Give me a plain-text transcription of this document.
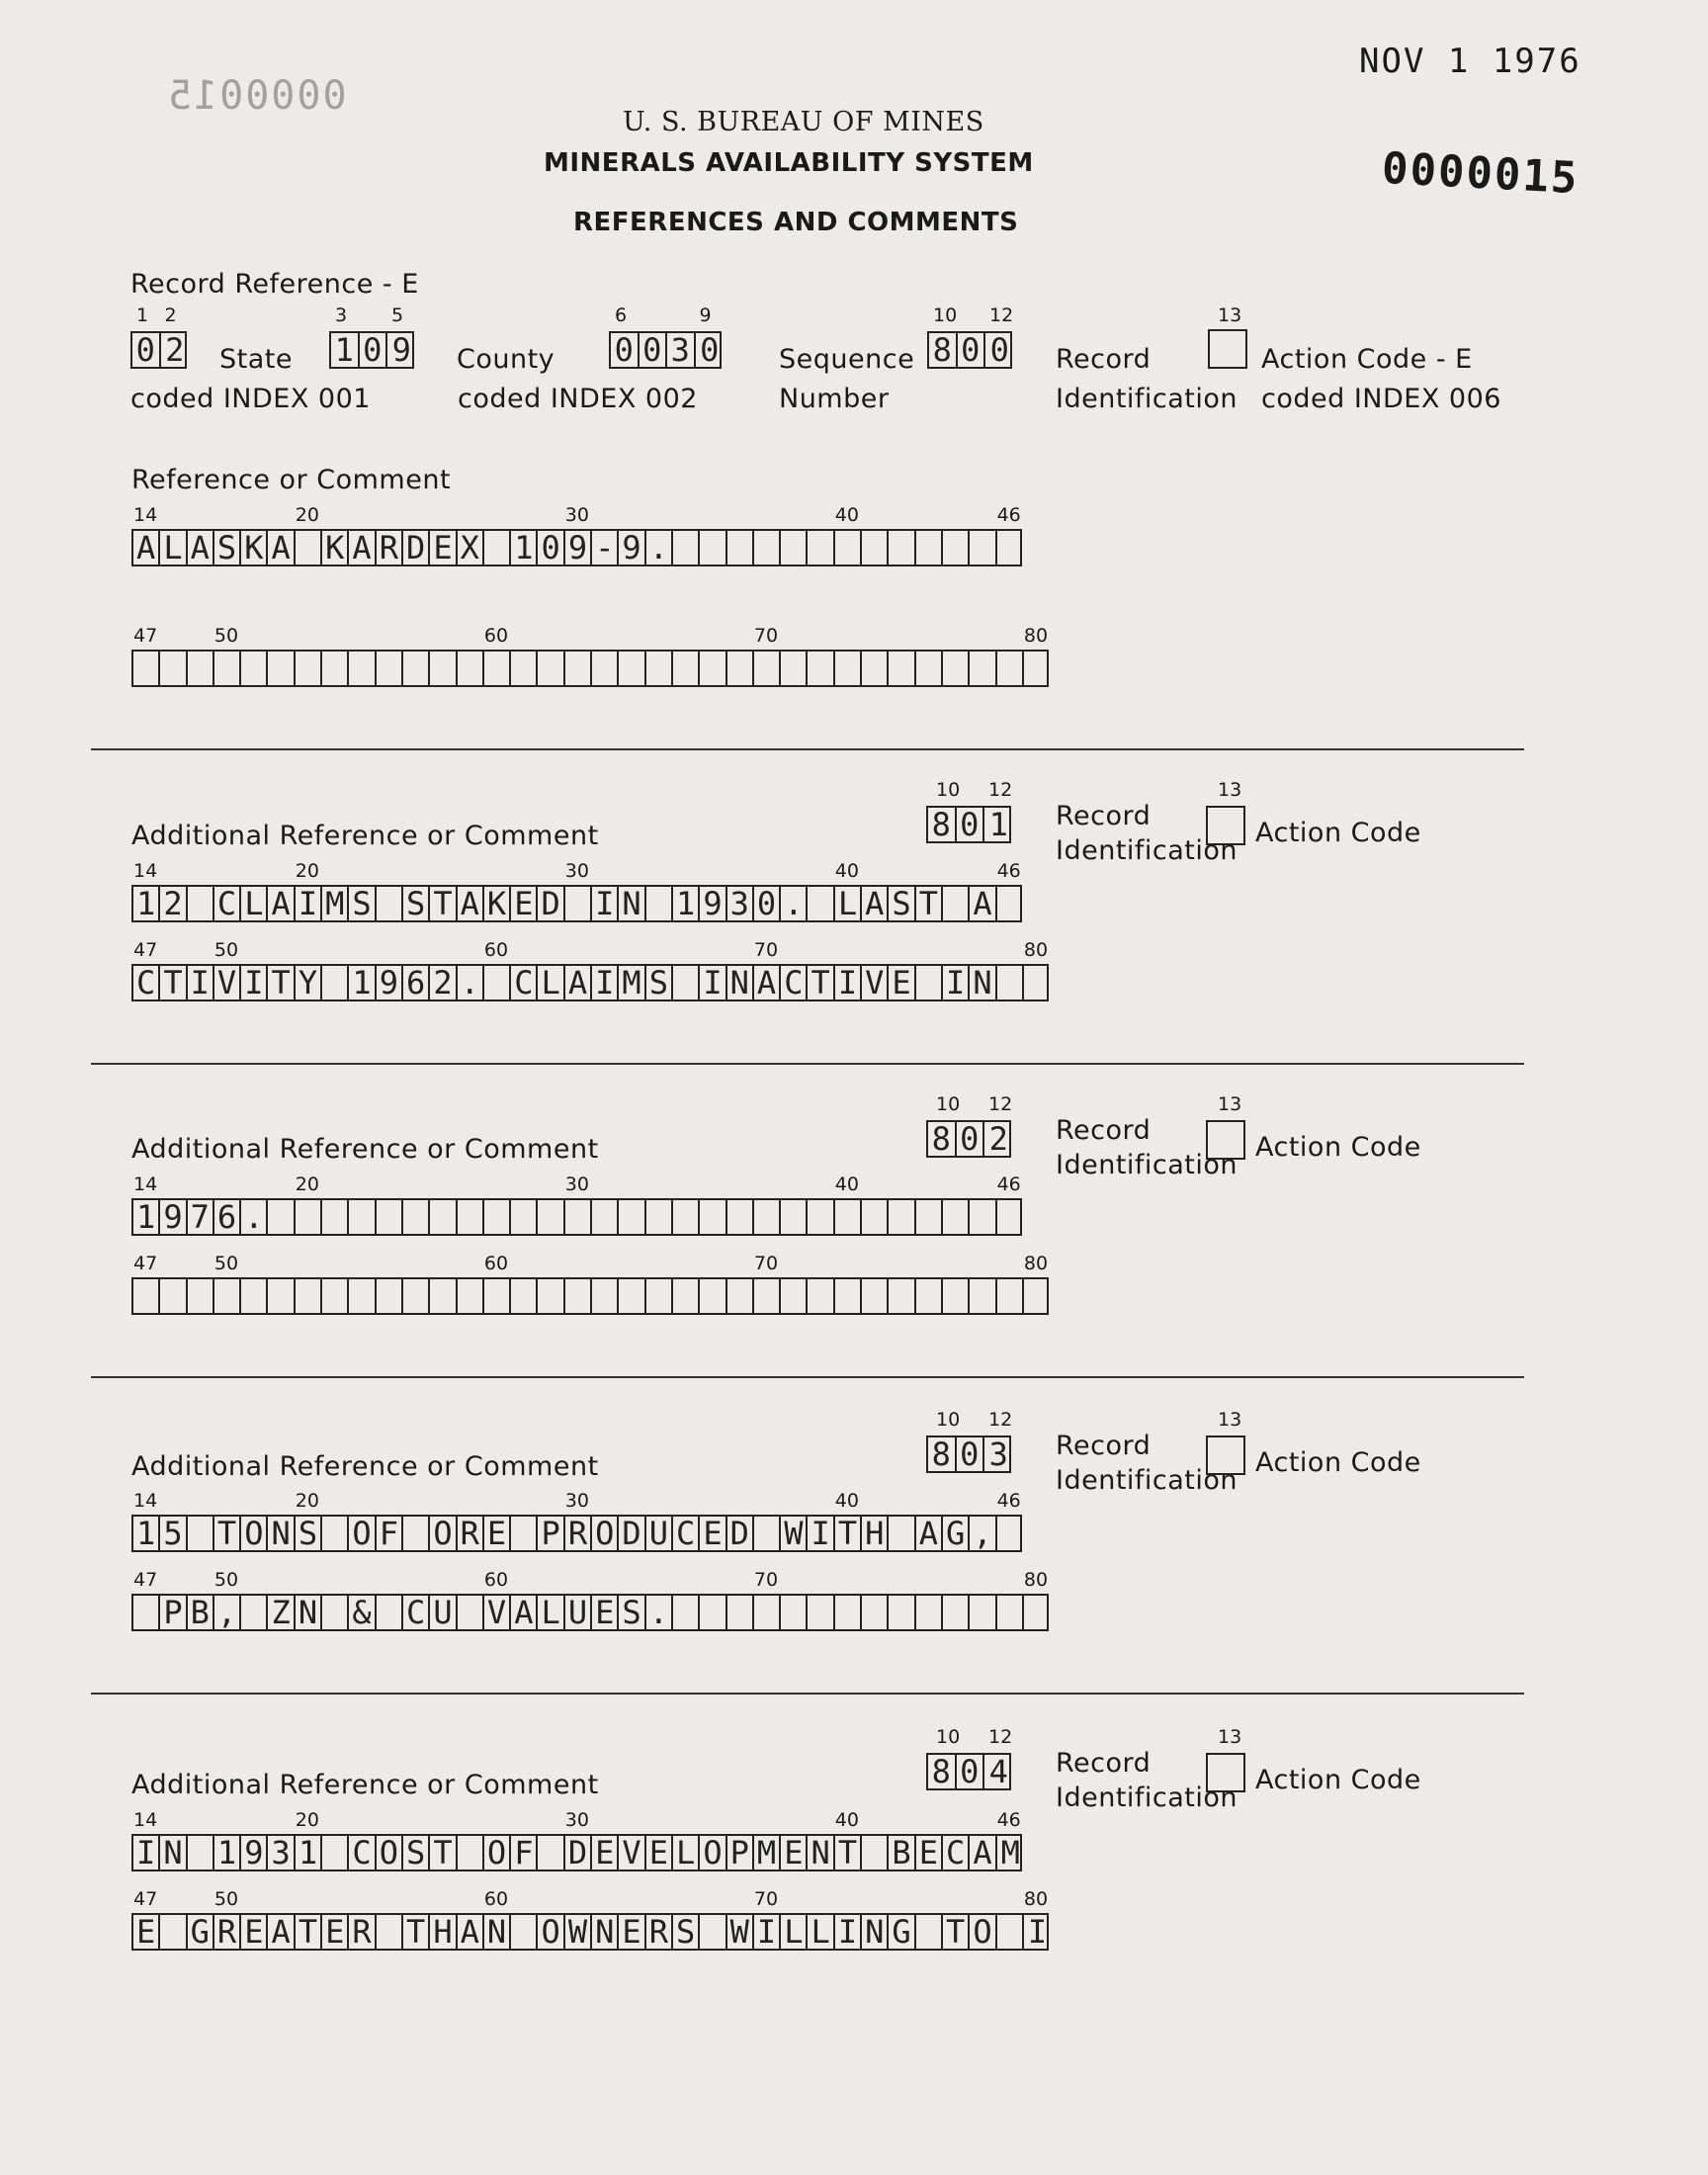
NOV 1 1976
0000015
0000015
U. S. BUREAU OF MINES
MINERALS AVAILABILITY SYSTEM
REFERENCES AND COMMENTS
Record Reference - E
1 2
0 2 State
coded INDEX 001
3 5
1 0 9 County
coded INDEX 002
6	9
0 0 3 0 Sequence
Number
10 12
8 0 0 Record
Identification
13
Action Code - E
coded INDEX 006
Reference or Comment
14	20	30	40	46
A L A S K A K A R D E X 1 0 9 - 9 .
47	50	60	70	80
Additional Reference or Comment
10 12
8 0 1 Record
Identification
13
Action Code
14	20	30	40	46
1 2 C L A I M S S T A K E D I N 1 9 3 0 . L A S T A
47	50	60	70	80
C T I V I T Y 1 9 6 2 . C L A I M S I N A C T I V E I N
Additional Reference or Comment
10 12
8 0 2 Record
Identification
13
Action Code
14	20	30	40	46
1 9 7 6 .
47	50	60	70	80
Additional Reference or Comment
10 12
8 0 3 Record
Identification
13
Action Code
14	20	30	40	46
1 5 T O N S O F O R E P R O D U C E D W I T H A G ,
47	50	60	70	80
P B , Z N & C U V A L U E S .
Additional Reference or Comment
10 12
8 0 4 Record
Identification
13
Action Code
14	20	30	40	46
I N 1 9 3 1 C O S T O F D E V E L O P M E N T B E C A M
47	50	60	70	80
E G R E A T E R T H A N O W N E R S W I L L I N G T O I
